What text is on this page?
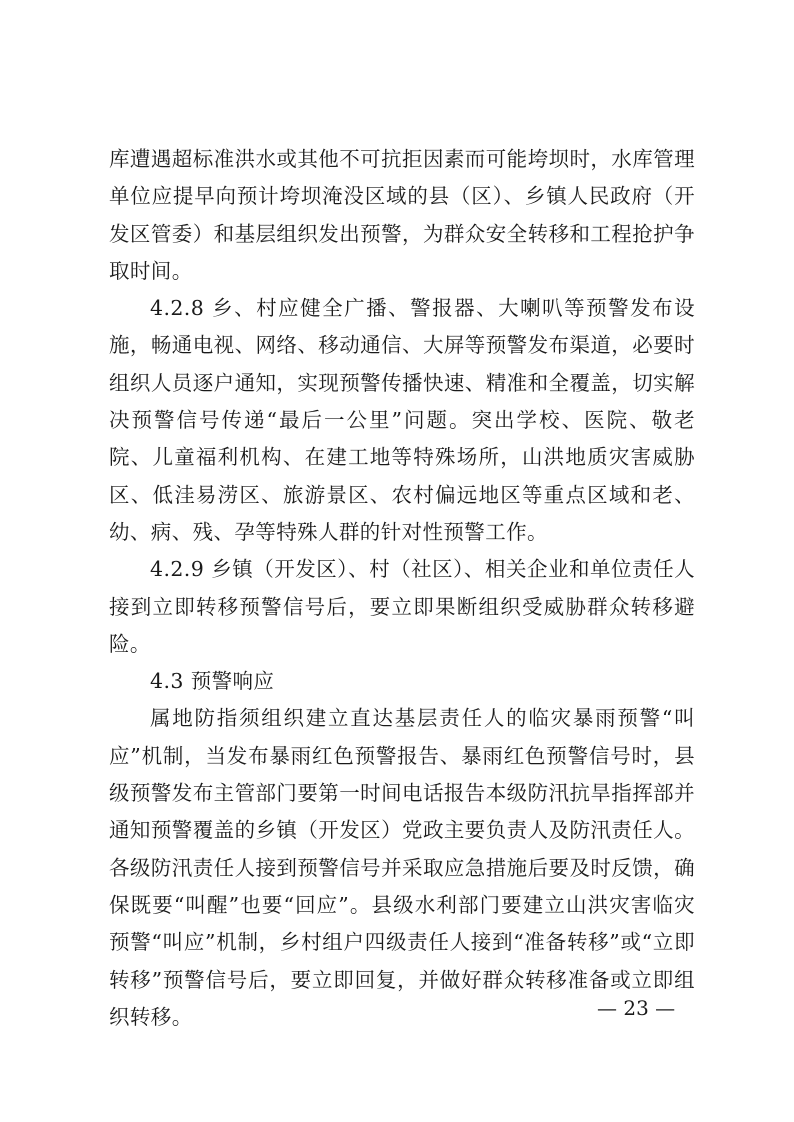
库遭遇超标准洪水或其他不可抗拒因素而可能垮坝时，水库管理单位应提早向预计垮坝淹没区域的县（区）、乡镇人民政府（开发区管委）和基层组织发出预警，为群众安全转移和工程抢护争取时间。

4.2.8 乡、村应健全广播、警报器、大喇叭等预警发布设施，畅通电视、网络、移动通信、大屏等预警发布渠道，必要时组织人员逐户通知，实现预警传播快速、精准和全覆盖，切实解决预警信号传递“最后一公里”问题。突出学校、医院、敬老院、儿童福利机构、在建工地等特殊场所，山洪地质灾害威胁区、低洼易涝区、旅游景区、农村偏远地区等重点区域和老、幼、病、残、孕等特殊人群的针对性预警工作。

4.2.9 乡镇（开发区）、村（社区）、相关企业和单位责任人接到立即转移预警信号后，要立即果断组织受威胁群众转移避险。

4.3 预警响应

属地防指须组织建立直达基层责任人的临灾暴雨预警“叫应”机制，当发布暴雨红色预警报告、暴雨红色预警信号时，县级预警发布主管部门要第一时间电话报告本级防汛抗旱指挥部并通知预警覆盖的乡镇（开发区）党政主要负责人及防汛责任人。各级防汛责任人接到预警信号并采取应急措施后要及时反馈，确保既要“叫醒”也要“回应”。县级水利部门要建立山洪灾害临灾预警“叫应”机制，乡村组户四级责任人接到“准备转移”或“立即转移”预警信号后，要立即回复，并做好群众转移准备或立即组织转移。	— 23 —
